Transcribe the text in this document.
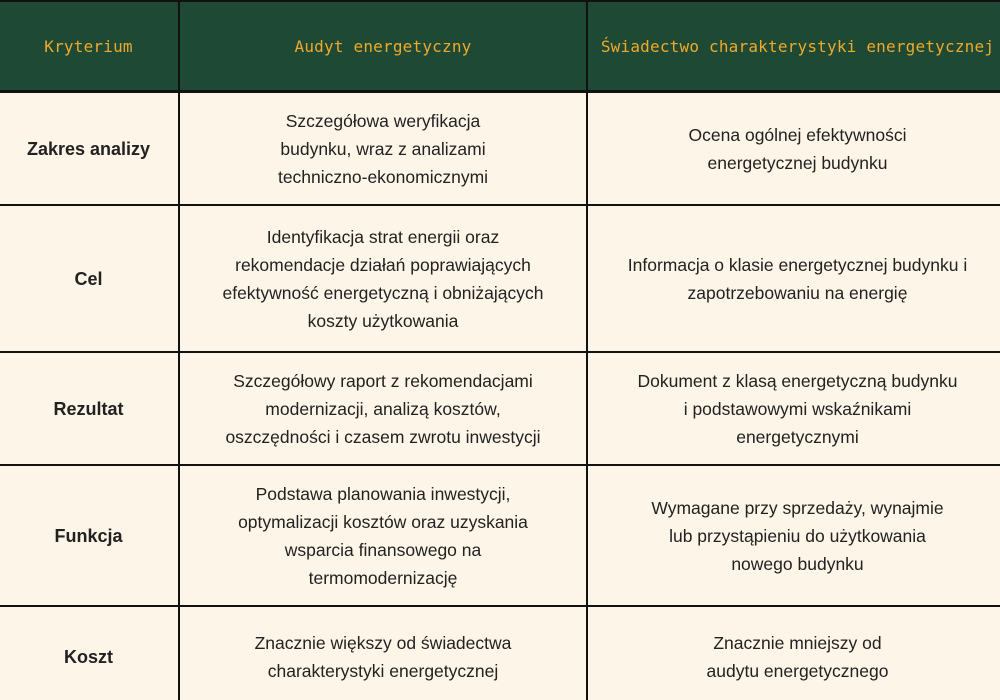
Kryterium	Audyt energetyczny	Świadectwo charakterystyki energetycznej
Zakres analizy	Szczegółowa weryfikacja
budynku, wraz z analizami
techniczno-ekonomicznymi	Ocena ogólnej efektywności
energetycznej budynku

Cel	Identyfikacja strat energii oraz
rekomendacje działań poprawiających
efektywność energetyczną i obniżających
koszty użytkowania	Informacja o klasie energetycznej budynku i
zapotrzebowaniu na energię

Rezultat	Szczegółowy raport z rekomendacjami
modernizacji, analizą kosztów,
oszczędności i czasem zwrotu inwestycji	Dokument z klasą energetyczną budynku
i podstawowymi wskaźnikami
energetycznymi

Funkcja	Podstawa planowania inwestycji,
optymalizacji kosztów oraz uzyskania
wsparcia finansowego na
termomodernizację	Wymagane przy sprzedaży, wynajmie
lub przystąpieniu do użytkowania
nowego budynku

Koszt	Znacznie większy od świadectwa
charakterystyki energetycznej	Znacznie mniejszy od
audytu energetycznego
